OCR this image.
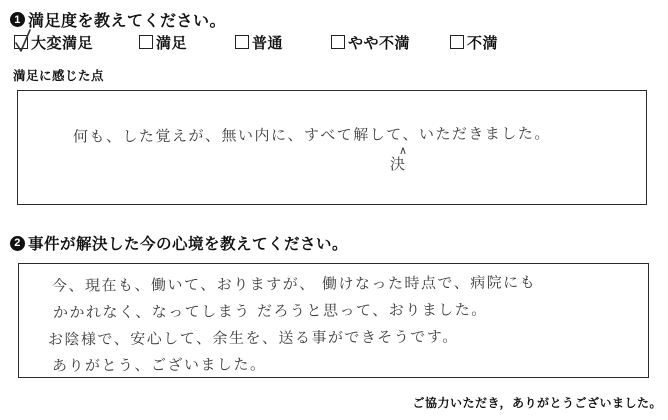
1 満足度を教えてください。
大変満足	満足	普通	やや不満	不満
満足に感じた点
何も、した覚えが、無い内に、すべて解して、いただきました。
∧
決
2 事件が解決した今の心境を教えてください。
今、現在も、働いて、おりますが、 働けなった時点で、病院にも
かかれなく、なってしまう だろうと思って、おりました。
お陰様で、安心して、余生を、送る事ができそうです。
ありがとう、ございました。
ご協力いただき，ありがとうございました。
